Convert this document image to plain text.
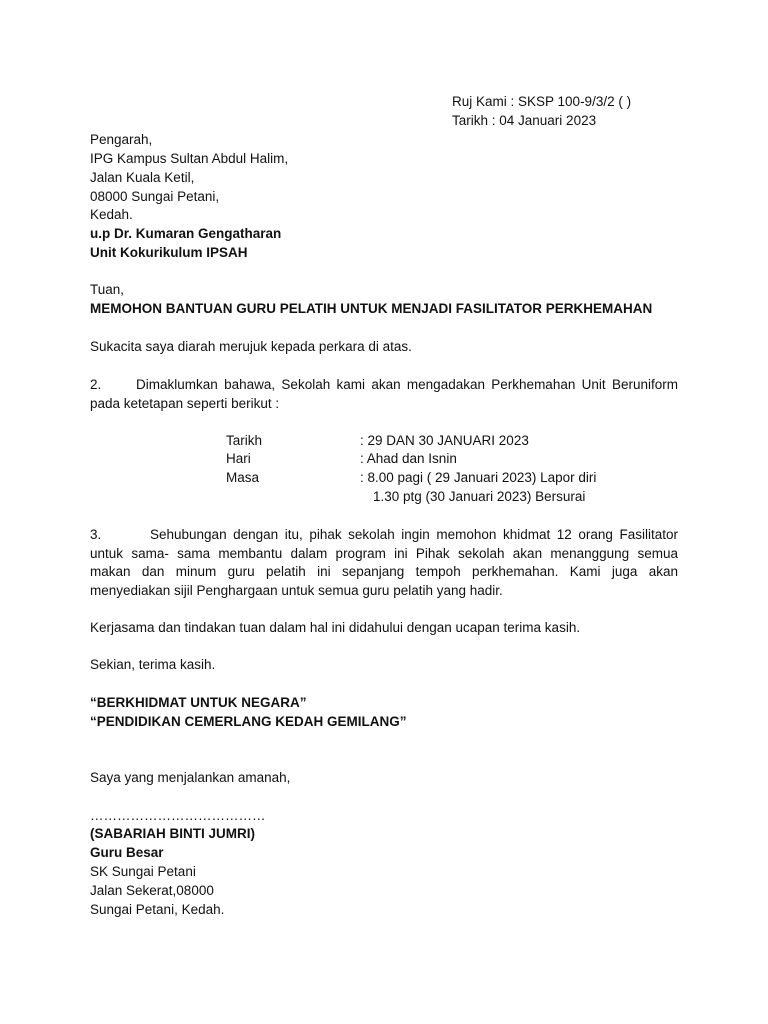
Ruj Kami : SKSP 100-9/3/2 ( )
Tarikh : 04 Januari 2023
Pengarah,
IPG Kampus Sultan Abdul Halim,
Jalan Kuala Ketil,
08000 Sungai Petani,
Kedah.
u.p Dr. Kumaran Gengatharan
Unit Kokurikulum IPSAH
Tuan,
MEMOHON BANTUAN GURU PELATIH UNTUK MENJADI FASILITATOR PERKHEMAHAN
Sukacita saya diarah merujuk kepada perkara di atas.
2.	Dimaklumkan bahawa, Sekolah kami akan mengadakan Perkhemahan Unit Beruniform
pada ketetapan seperti berikut :
Tarikh	: 29 DAN 30 JANUARI 2023
Hari	: Ahad dan Isnin
Masa	: 8.00 pagi ( 29 Januari 2023) Lapor diri
1.30 ptg (30 Januari 2023) Bersurai
3.	Sehubungan dengan itu, pihak sekolah ingin memohon khidmat 12 orang Fasilitator
untuk sama- sama membantu dalam program ini Pihak sekolah akan menanggung semua
makan dan minum guru pelatih ini sepanjang tempoh perkhemahan. Kami juga akan
menyediakan sijil Penghargaan untuk semua guru pelatih yang hadir.
Kerjasama dan tindakan tuan dalam hal ini didahului dengan ucapan terima kasih.
Sekian, terima kasih.
“BERKHIDMAT UNTUK NEGARA”
“PENDIDIKAN CEMERLANG KEDAH GEMILANG”
Saya yang menjalankan amanah,
…………………………………
(SABARIAH BINTI JUMRI)
Guru Besar
SK Sungai Petani
Jalan Sekerat,08000
Sungai Petani, Kedah.
